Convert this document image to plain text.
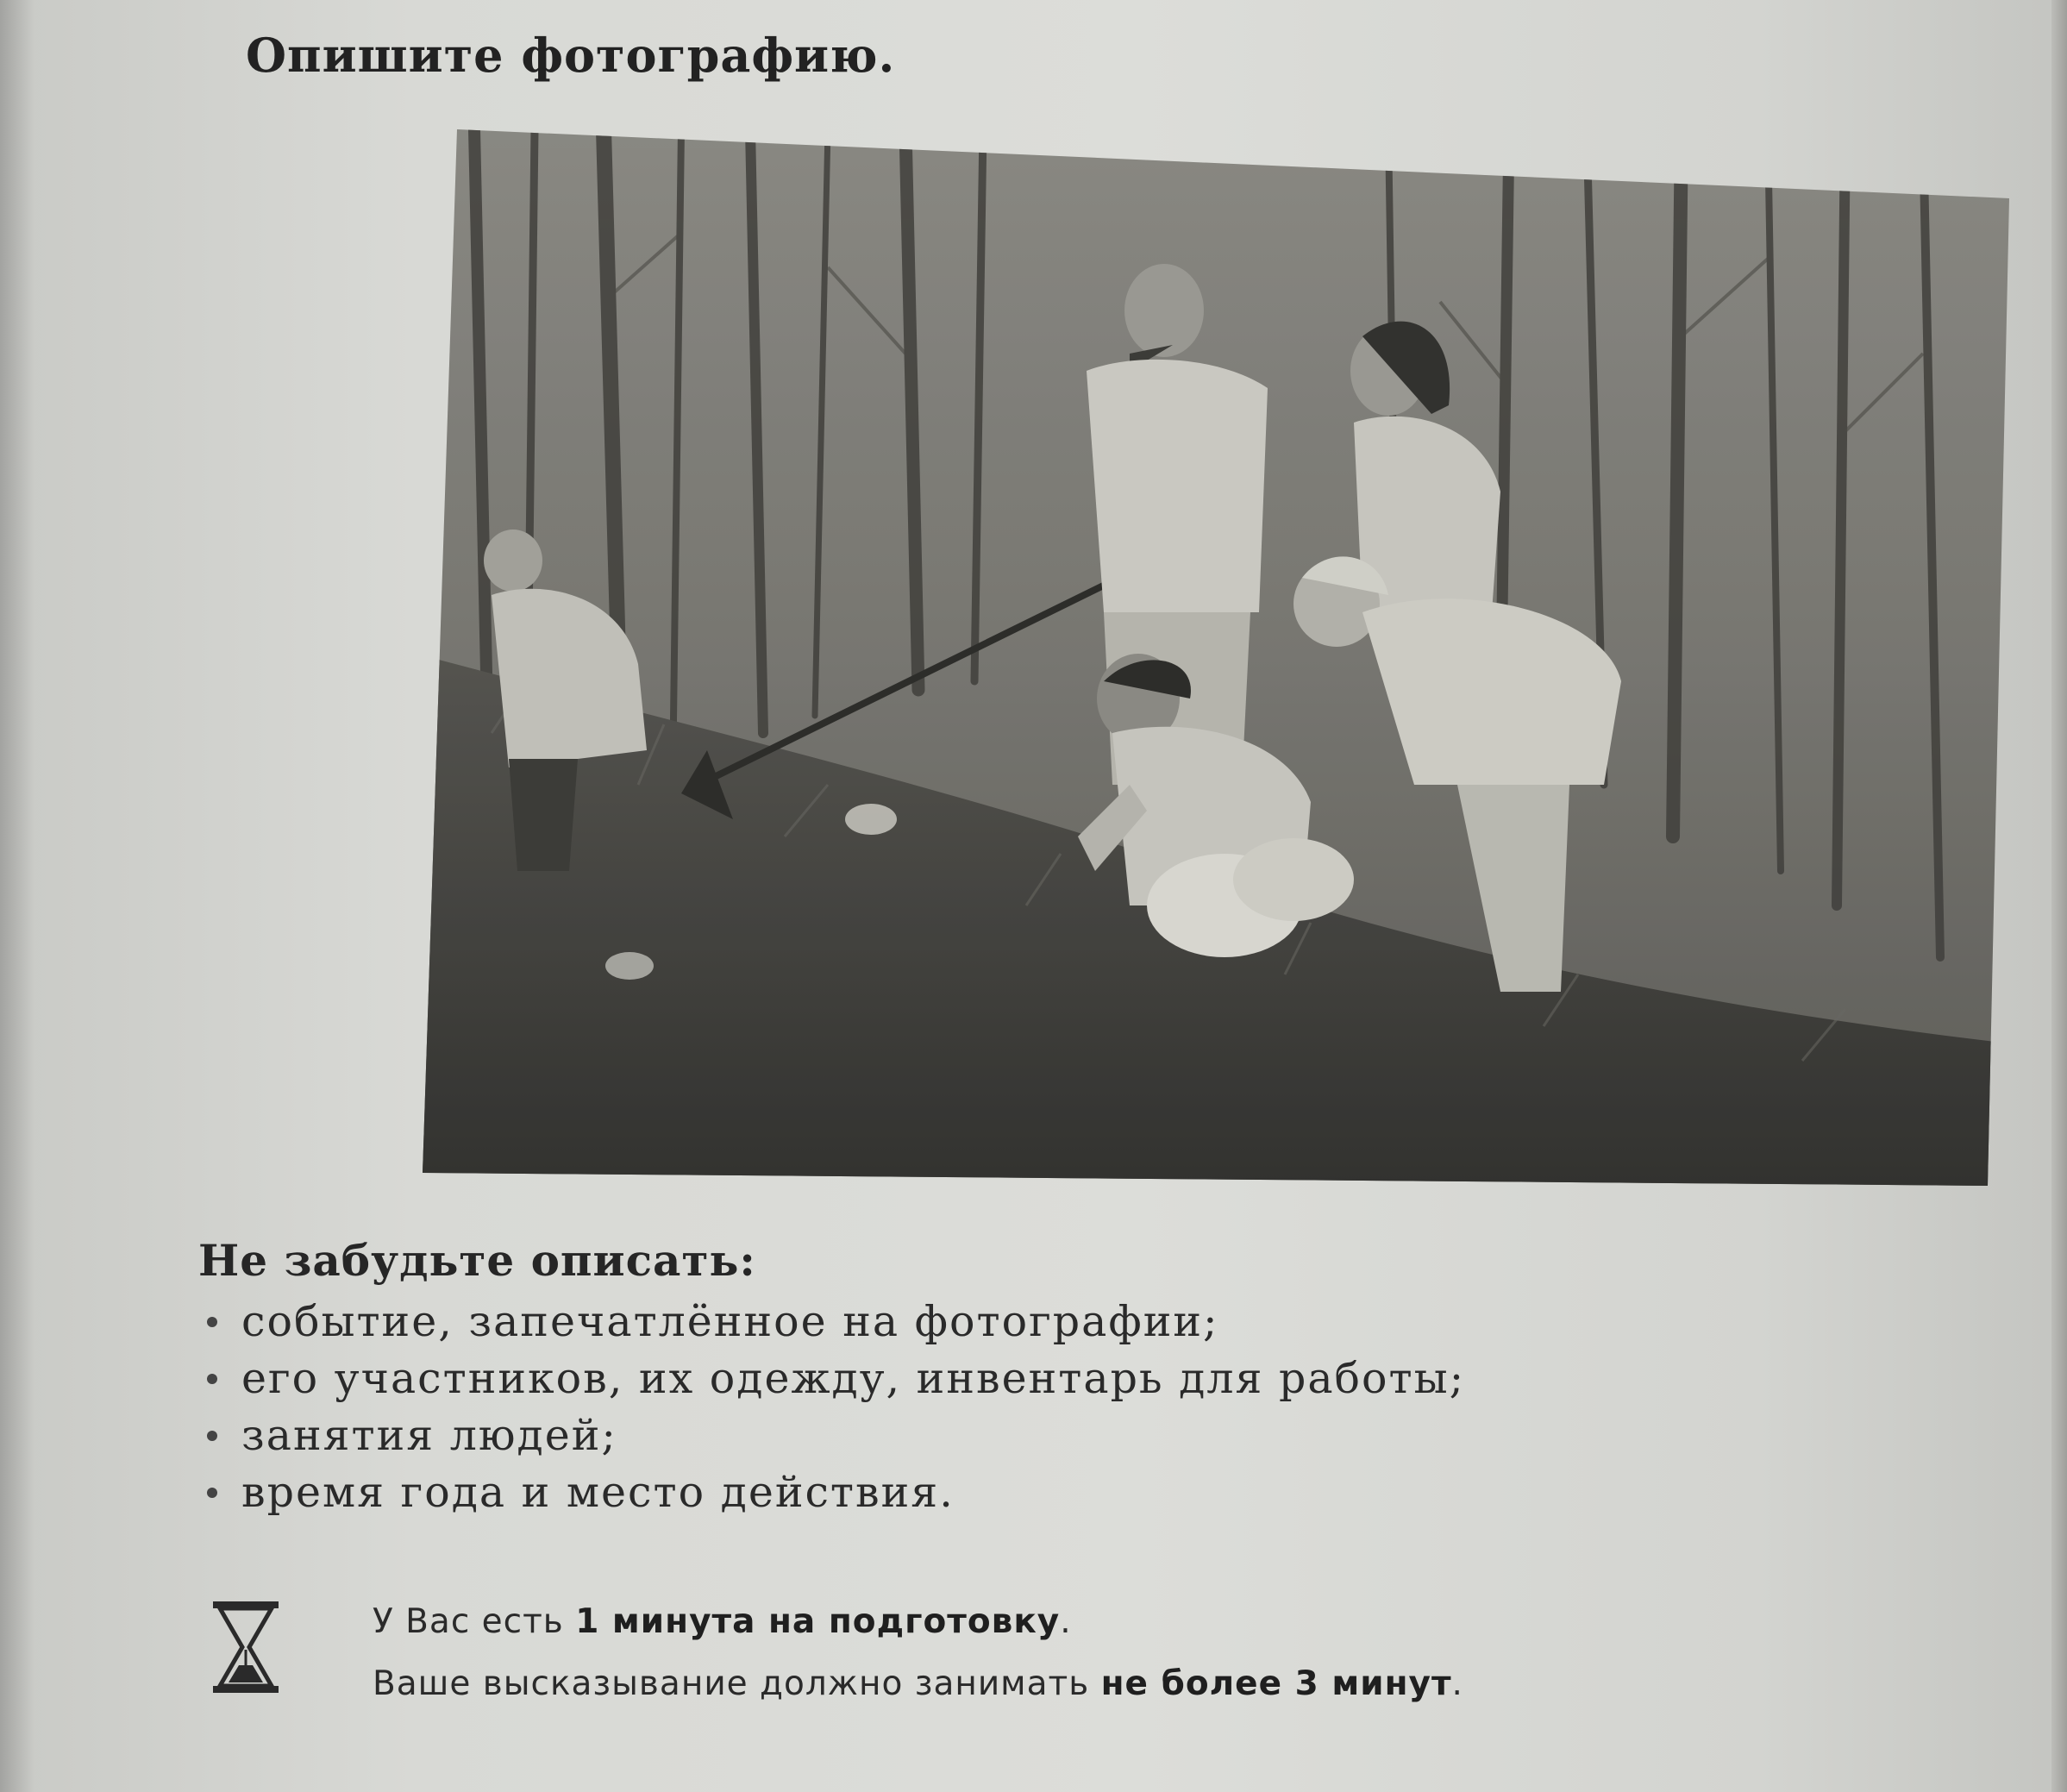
Опишите фотографию.
Не забудьте описать:
событие, запечатлённое на фотографии;
его участников, их одежду, инвентарь для работы;
занятия людей;
время года и место действия.
У Вас есть 1 минута на подготовку.
Ваше высказывание должно занимать не более 3 минут.
